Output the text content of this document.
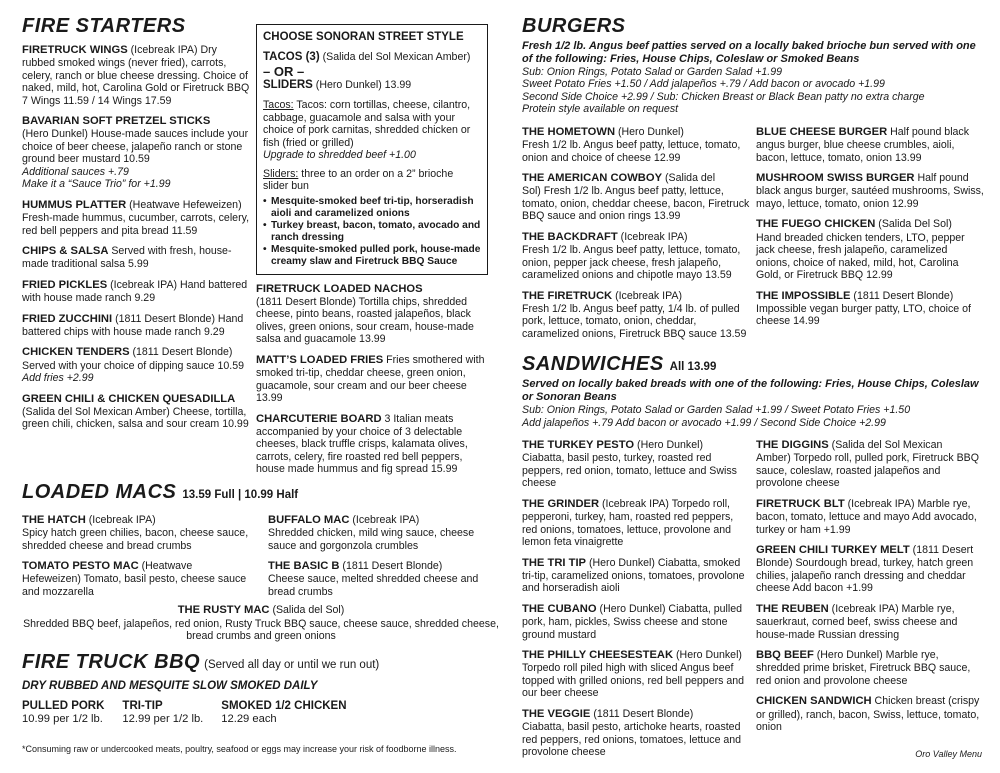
FIRE STARTERS
FIRETRUCK WINGS (Icebreak IPA) Dry rubbed smoked wings (never fried), carrots, celery, ranch or blue cheese dressing. Choice of naked, mild, hot, Carolina Gold or Firetruck BBQ 7 Wings 11.59 / 14 Wings 17.59
BAVARIAN SOFT PRETZEL STICKS
(Hero Dunkel) House-made sauces include your choice of beer cheese, jalapeño ranch or stone ground beer mustard 10.59
Additional sauces +.79
Make it a “Sauce Trio” for +1.99
HUMMUS PLATTER (Heatwave Hefeweizen) Fresh-made hummus, cucumber, carrots, celery, red bell peppers and pita bread 11.59
CHIPS & SALSA Served with fresh, house-made traditional salsa 5.99
FRIED PICKLES (Icebreak IPA) Hand battered with house made ranch 9.29
FRIED ZUCCHINI (1811 Desert Blonde) Hand battered chips with house made ranch 9.29
CHICKEN TENDERS (1811 Desert Blonde) Served with your choice of dipping sauce 10.59 Add fries +2.99
GREEN CHILI & CHICKEN QUESADILLA
(Salida del Sol Mexican Amber) Cheese, tortilla, green chili, chicken, salsa and sour cream 10.99
CHOOSE SONORAN STREET STYLE
TACOS (3) (Salida del Sol Mexican Amber)
– OR –
SLIDERS (Hero Dunkel) 13.99
Tacos: Tacos: corn tortillas, cheese, cilantro, cabbage, guacamole and salsa with your choice of pork carnitas, shredded chicken or fish (fried or grilled)
Upgrade to shredded beef +1.00
Sliders: three to an order on a 2” brioche slider bun
• Mesquite-smoked beef tri-tip, horseradish aioli and caramelized onions
• Turkey breast, bacon, tomato, avocado and ranch dressing
• Mesquite-smoked pulled pork, house-made creamy slaw and Firetruck BBQ Sauce
FIRETRUCK LOADED NACHOS
(1811 Desert Blonde) Tortilla chips, shredded cheese, pinto beans, roasted jalapeños, black olives, green onions, sour cream, house-made salsa and guacamole 13.99
MATT’S LOADED FRIES Fries smothered with smoked tri-tip, cheddar cheese, green onion, guacamole, sour cream and our beer cheese 13.99
CHARCUTERIE BOARD 3 Italian meats accompanied by your choice of 3 delectable cheeses, black truffle crisps, kalamata olives, carrots, celery, fire roasted red bell peppers, house made hummus and fig spread 15.99
LOADED MACS 13.59 Full | 10.99 Half
THE HATCH (Icebreak IPA)
Spicy hatch green chilies, bacon, cheese sauce, shredded cheese and bread crumbs
TOMATO PESTO MAC (Heatwave
Hefeweizen) Tomato, basil pesto, cheese sauce and mozzarella
BUFFALO MAC (Icebreak IPA)
Shredded chicken, mild wing sauce, cheese sauce and gorgonzola crumbles
THE BASIC B (1811 Desert Blonde)
Cheese sauce, melted shredded cheese and bread crumbs
THE RUSTY MAC (Salida del Sol)
Shredded BBQ beef, jalapeños, red onion, Rusty Truck BBQ sauce, cheese sauce, shredded cheese, bread crumbs and green onions
FIRE TRUCK BBQ (Served all day or until we run out)
DRY RUBBED AND MESQUITE SLOW SMOKED DAILY
PULLED PORK
10.99 per 1/2 lb.
TRI-TIP
12.99 per 1/2 lb.
SMOKED 1/2 CHICKEN
12.29 each
BURGERS
Fresh 1/2 lb. Angus beef patties served on a locally baked brioche bun served with one of the following: Fries, House Chips, Coleslaw or Smoked Beans
Sub: Onion Rings, Potato Salad or Garden Salad +1.99
Sweet Potato Fries +1.50 / Add jalapeños +.79 / Add bacon or avocado +1.99
Second Side Choice +2.99 / Sub: Chicken Breast or Black Bean patty no extra charge
Protein style available on request
THE HOMETOWN (Hero Dunkel)
Fresh 1/2 lb. Angus beef patty, lettuce, tomato, onion and choice of cheese 12.99
THE AMERICAN COWBOY (Salida del
Sol) Fresh 1/2 lb. Angus beef patty, lettuce, tomato, onion, cheddar cheese, bacon, Firetruck BBQ sauce and onion rings 13.99
THE BACKDRAFT (Icebreak IPA)
Fresh 1/2 lb. Angus beef patty, lettuce, tomato, onion, pepper jack cheese, fresh jalapeño, caramelized onions and chipotle mayo 13.59
THE FIRETRUCK (Icebreak IPA)
Fresh 1/2 lb. Angus beef patty, 1/4 lb. of pulled pork, lettuce, tomato, onion, cheddar, caramelized onions, Firetruck BBQ sauce 13.59
BLUE CHEESE BURGER Half pound black angus burger, blue cheese crumbles, aioli, bacon, lettuce, tomato, onion 13.99
MUSHROOM SWISS BURGER Half pound black angus burger, sautéed mushrooms, Swiss, mayo, lettuce, tomato, onion 12.99
THE FUEGO CHICKEN (Salida Del Sol)
Hand breaded chicken tenders, LTO, pepper jack cheese, fresh jalapeño, caramelized onions, choice of naked, mild, hot, Carolina Gold, or Firetruck BBQ 12.99
THE IMPOSSIBLE (1811 Desert Blonde)
Impossible vegan burger patty, LTO, choice of cheese 14.99
SANDWICHES All 13.99
Served on locally baked breads with one of the following: Fries, House Chips, Coleslaw or Sonoran Beans
Sub: Onion Rings, Potato Salad or Garden Salad +1.99 / Sweet Potato Fries +1.50
Add jalapeños +.79 Add bacon or avocado +1.99 / Second Side Choice +2.99
THE TURKEY PESTO (Hero Dunkel)
Ciabatta, basil pesto, turkey, roasted red peppers, red onion, tomato, lettuce and Swiss cheese
THE GRINDER (Icebreak IPA) Torpedo roll, pepperoni, turkey, ham, roasted red peppers, red onions, tomatoes, lettuce, provolone and lemon feta vinaigrette
THE TRI TIP (Hero Dunkel) Ciabatta, smoked tri-tip, caramelized onions, tomatoes, provolone and horseradish aioli
THE CUBANO (Hero Dunkel) Ciabatta, pulled pork, ham, pickles, Swiss cheese and stone ground mustard
THE PHILLY CHEESESTEAK (Hero Dunkel)
Torpedo roll piled high with sliced Angus beef topped with grilled onions, red bell peppers and our beer cheese
THE VEGGIE (1811 Desert Blonde)
Ciabatta, basil pesto, artichoke hearts, roasted red peppers, red onions, tomatoes, lettuce and provolone cheese
THE DIGGINS (Salida del Sol Mexican
Amber) Torpedo roll, pulled pork, Firetruck BBQ sauce, coleslaw, roasted jalapeños and provolone cheese
FIRETRUCK BLT (Icebreak IPA) Marble rye, bacon, tomato, lettuce and mayo Add avocado, turkey or ham +1.99
GREEN CHILI TURKEY MELT (1811 Desert
Blonde) Sourdough bread, turkey, hatch green chilies, jalapeño ranch dressing and cheddar cheese Add bacon +1.99
THE REUBEN (Icebreak IPA) Marble rye, sauerkraut, corned beef, swiss cheese and house-made Russian dressing
BBQ BEEF (Hero Dunkel) Marble rye, shredded prime brisket, Firetruck BBQ sauce, red onion and provolone cheese
CHICKEN SANDWICH Chicken breast (crispy or grilled), ranch, bacon, Swiss, lettuce, tomato, onion
*Consuming raw or undercooked meats, poultry, seafood or eggs may increase your risk of foodborne illness.	Oro Valley Menu
